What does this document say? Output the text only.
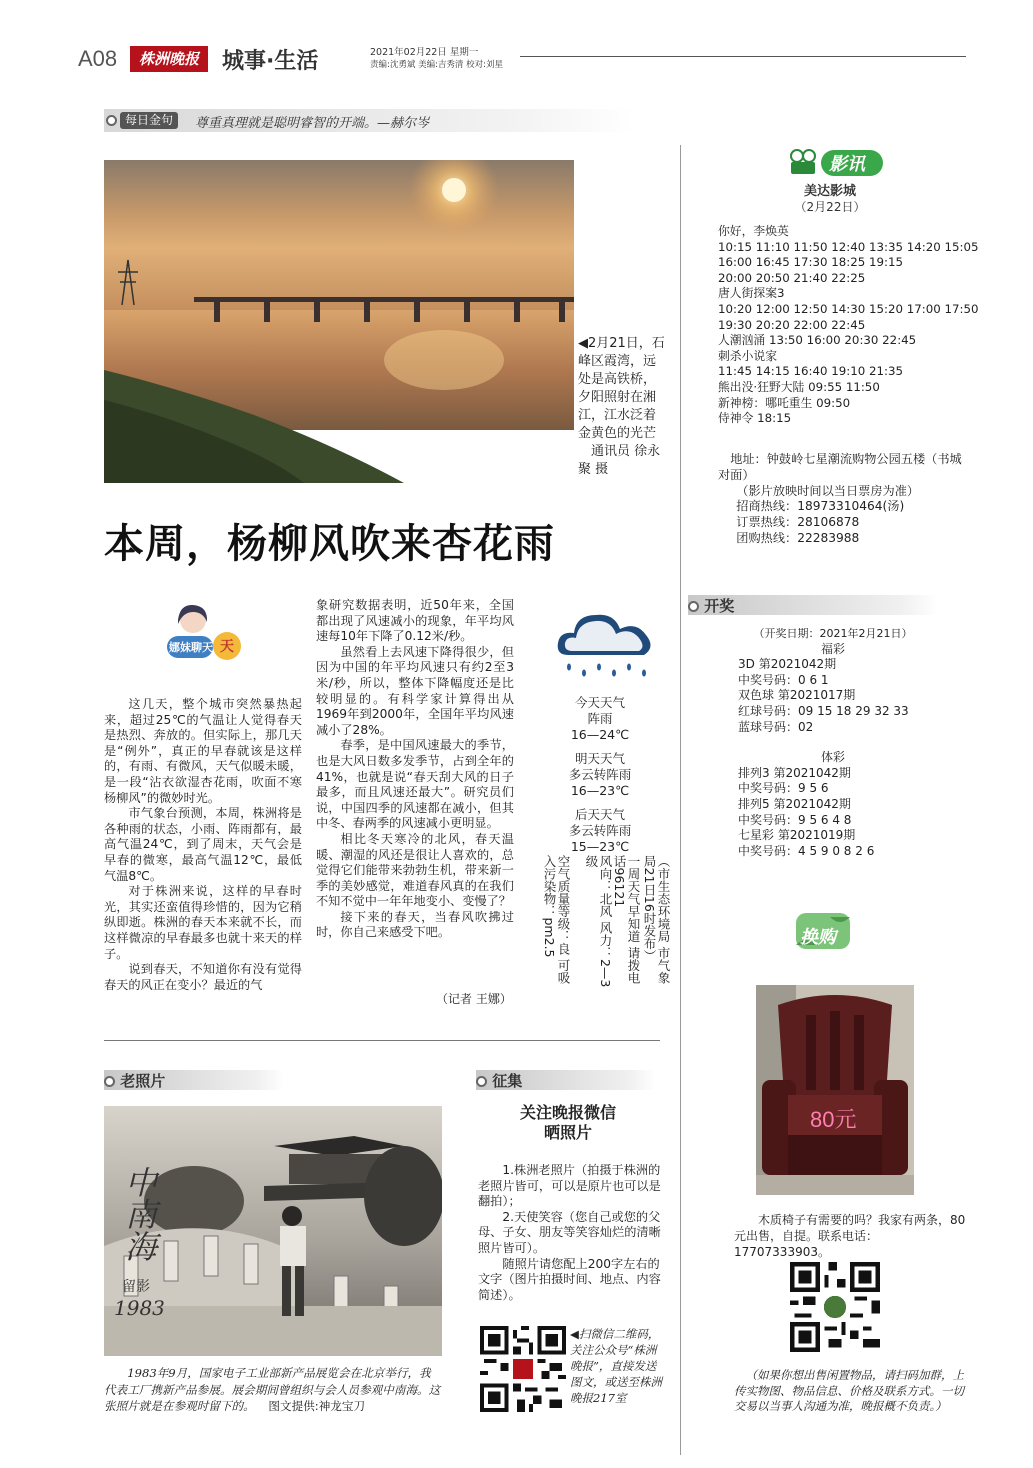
A08	株洲晚报	城事·生活	2021年02月22日 星期一
责编:沈勇斌 美编:吉秀清 校对:刘星
每日金句	尊重真理就是聪明睿智的开端。—赫尔岑
◀2月21日，石峰区霞湾，远处是高铁桥，夕阳照射在湘江，江水泛着金黄色的光芒
通讯员 徐永聚 摄
本周，杨柳风吹来杏花雨
天
娜妹聊天

这几天，整个城市突然暴热起来，超过25℃的气温让人觉得春天是热烈、奔放的。但实际上，那几天是“例外”，真正的早春就该是这样的，有雨、有微风，天气似暖未暖，是一段“沾衣欲湿杏花雨，吹面不寒杨柳风”的微妙时光。

市气象台预测，本周，株洲将是各种雨的状态，小雨、阵雨都有，最高气温24℃，到了周末，天气会是早春的微寒，最高气温12℃，最低气温8℃。

对于株洲来说，这样的早春时光，其实还蛮值得珍惜的，因为它稍纵即逝。株洲的春天本来就不长，而这样微凉的早春最多也就十来天的样子。

说到春天，不知道你有没有觉得春天的风正在变小？最近的气

象研究数据表明，近50年来，全国都出现了风速减小的现象，年平均风速每10年下降了0.12米/秒。

虽然看上去风速下降得很少，但因为中国的年平均风速只有约2至3米/秒，所以，整体下降幅度还是比较明显的。有科学家计算得出从1969年到2000年，全国年平均风速减小了28%。

春季，是中国风速最大的季节，也是大风日数多发季节，占到全年的41%，也就是说“春天刮大风的日子最多，而且风速还最大”。研究员们说，中国四季的风速都在减小，但其中冬、春两季的风速减小更明显。

相比冬天寒冷的北风，春天温暖、潮湿的风还是很让人喜欢的，总觉得它们能带来勃勃生机，带来新一季的美妙感觉，难道春风真的在我们不知不觉中一年年地变小、变慢了？

接下来的春天，当春风吹拂过时，你自己来感受下吧。

（记者 王娜）
今天天气
阵雨
16—24℃
明天天气
多云转阵雨
16—23℃
后天天气
多云转阵雨
15—23℃
（市生态环境局 市气象局21日16时发布）
一周天气早知道 请拨电话96121
风向：北风 风力：2—3级
空气质量等级：良 可吸入污染物：pm2.5
老照片
中南海
留影
1983

1983年9月，国家电子工业部新产品展览会在北京举行，我代表工厂携新产品参展。展会期间曾组织与会人员参观中南海。这张照片就是在参观时留下的。 图文提供:神龙宝刀

征集
关注晚报微信
晒照片

1.株洲老照片（拍摄于株洲的老照片皆可，可以是原片也可以是翻拍）；

2.天使笑容（您自己或您的父母、子女、朋友等笑容灿烂的清晰照片皆可）。

随照片请您配上200字左右的文字（图片拍摄时间、地点、内容简述）。

◀扫微信二维码，关注公众号“株洲晚报”，直接发送图文，或送至株洲晚报217室
影讯
美达影城
（2月22日）
你好，李焕英
10:15 11:10 11:50 12:40 13:35 14:20 15:05
16:00 16:45 17:30 18:25 19:15
20:00 20:50 21:40 22:25
唐人街探案3
10:20 12:00 12:50 14:30 15:20 17:00 17:50
19:30 20:20 22:00 22:45
人潮汹涌 13:50 16:00 20:30 22:45
刺杀小说家
11:45 14:15 16:40 19:10 21:35
熊出没·狂野大陆 09:55 11:50
新神榜：哪吒重生 09:50
侍神令 18:15
地址：钟鼓岭七星潮流购物公园五楼（书城对面）
（影片放映时间以当日票房为准）
招商热线：18973310464(汤)
订票热线：28106878
团购热线：22283988
开奖
（开奖日期：2021年2月21日）
福彩
3D 第2021042期
中奖号码：0 6 1
双色球 第2021017期
红球号码：09 15 18 29 32 33
蓝球号码：02
体彩
排列3 第2021042期
中奖号码：9 5 6
排列5 第2021042期
中奖号码：9 5 6 4 8
七星彩 第2021019期
中奖号码：4 5 9 0 8 2 6
换购
80元

木质椅子有需要的吗？我家有两条，80元出售，自提。联系电话：17707333903。

（如果你想出售闲置物品，请扫码加群，上传实物图、物品信息、价格及联系方式。一切交易以当事人沟通为准，晚报概不负责。）
